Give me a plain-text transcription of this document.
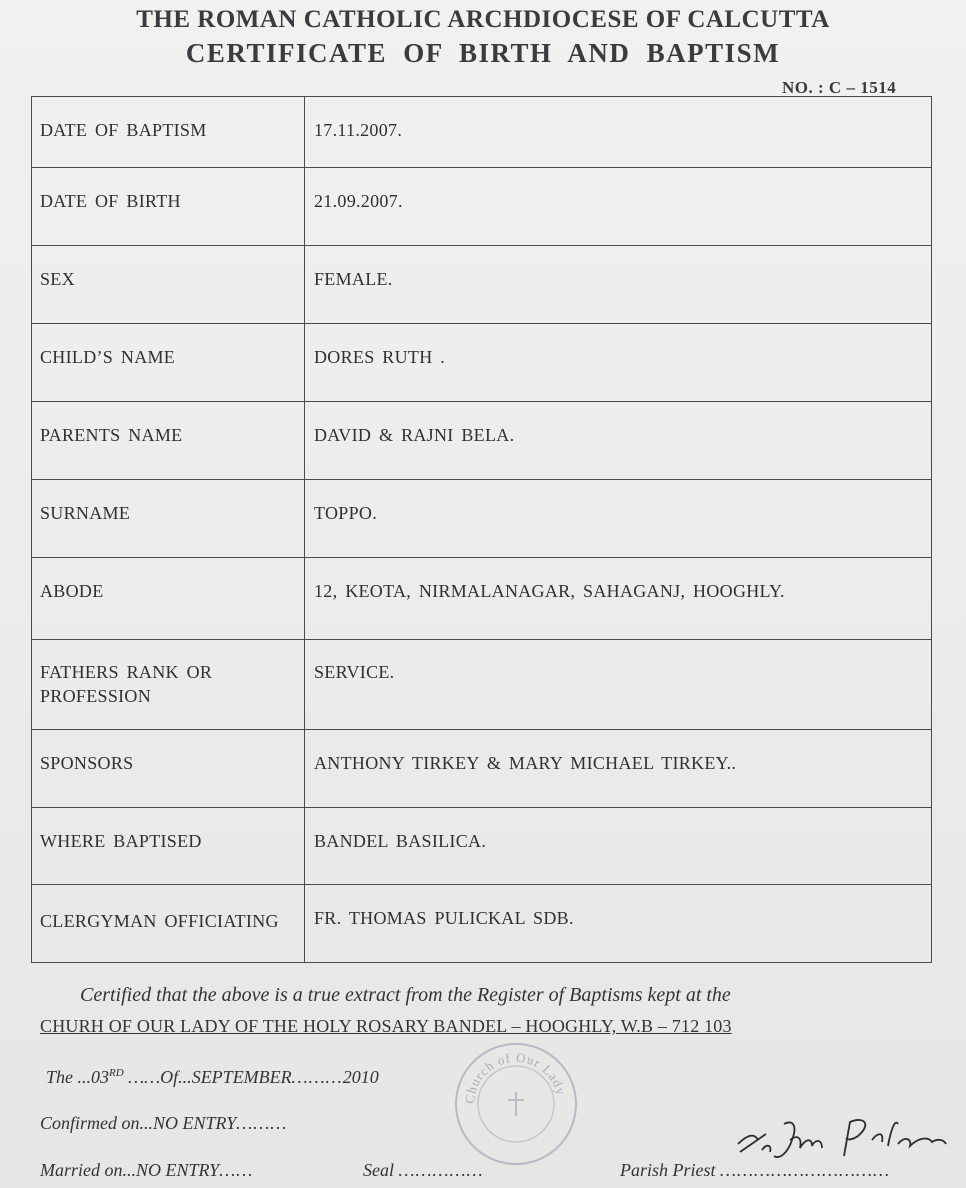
THE ROMAN CATHOLIC ARCHDIOCESE OF CALCUTTA
CERTIFICATE OF BIRTH AND BAPTISM
NO. : C – 1514
DATE OF BAPTISM	17.11.2007.
DATE OF BIRTH	21.09.2007.
SEX	FEMALE.
CHILD’S NAME	DORES RUTH .
PARENTS NAME	DAVID & RAJNI BELA.
SURNAME	TOPPO.
ABODE	12, KEOTA, NIRMALANAGAR, SAHAGANJ, HOOGHLY.
FATHERS RANK OR PROFESSION	SERVICE.
SPONSORS	ANTHONY TIRKEY & MARY MICHAEL TIRKEY..
WHERE BAPTISED	BANDEL BASILICA.
CLERGYMAN OFFICIATING	FR. THOMAS PULICKAL SDB.
Certified that the above is a true extract from the Register of Baptisms kept at the
CHURH OF OUR LADY OF THE HOLY ROSARY BANDEL – HOOGHLY, W.B – 712 103
The ...03RD ……Of...SEPTEMBER………2010
Confirmed on...NO ENTRY………
Married on...NO ENTRY……	Seal ……………	Parish Priest …………………………
Church of Our Lady
